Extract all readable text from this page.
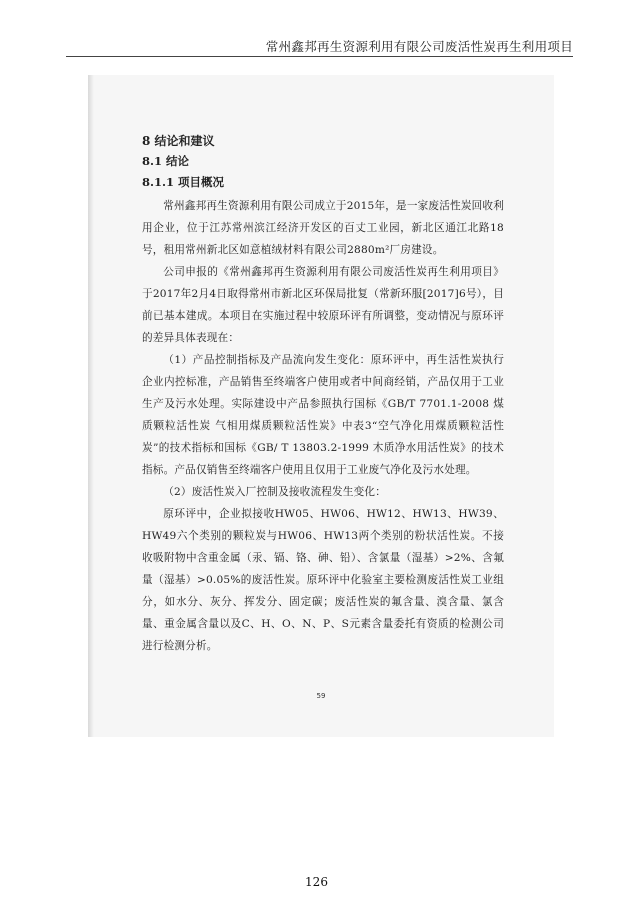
常州鑫邦再生资源利用有限公司废活性炭再生利用项目

8 结论和建议

8.1 结论

8.1.1 项目概况

常州鑫邦再生资源利用有限公司成立于2015年，是一家废活性炭回收利用企业，位于江苏常州滨江经济开发区的百丈工业园，新北区通江北路18号，租用常州新北区如意植绒材料有限公司2880m²厂房建设。

公司申报的《常州鑫邦再生资源利用有限公司废活性炭再生利用项目》于2017年2月4日取得常州市新北区环保局批复（常新环服[2017]6号），目前已基本建成。本项目在实施过程中较原环评有所调整，变动情况与原环评的差异具体表现在：

（1）产品控制指标及产品流向发生变化：原环评中，再生活性炭执行企业内控标准，产品销售至终端客户使用或者中间商经销，产品仅用于工业生产及污水处理。实际建设中产品参照执行国标《GB/T 7701.1-2008 煤质颗粒活性炭 气相用煤质颗粒活性炭》中表3“空气净化用煤质颗粒活性炭”的技术指标和国标《GB/ T 13803.2-1999 木质净水用活性炭》的技术指标。产品仅销售至终端客户使用且仅用于工业废气净化及污水处理。

（2）废活性炭入厂控制及接收流程发生变化：

原环评中，企业拟接收HW05、HW06、HW12、HW13、HW39、HW49六个类别的颗粒炭与HW06、HW13两个类别的粉状活性炭。不接收吸附物中含重金属（汞、镉、铬、砷、铅）、含氯量（湿基）>2%、含氟量（湿基）>0.05%的废活性炭。原环评中化验室主要检测废活性炭工业组分，如水分、灰分、挥发分、固定碳；废活性炭的氟含量、溴含量、氯含量、重金属含量以及C、H、O、N、P、S元素含量委托有资质的检测公司进行检测分析。

59
126
